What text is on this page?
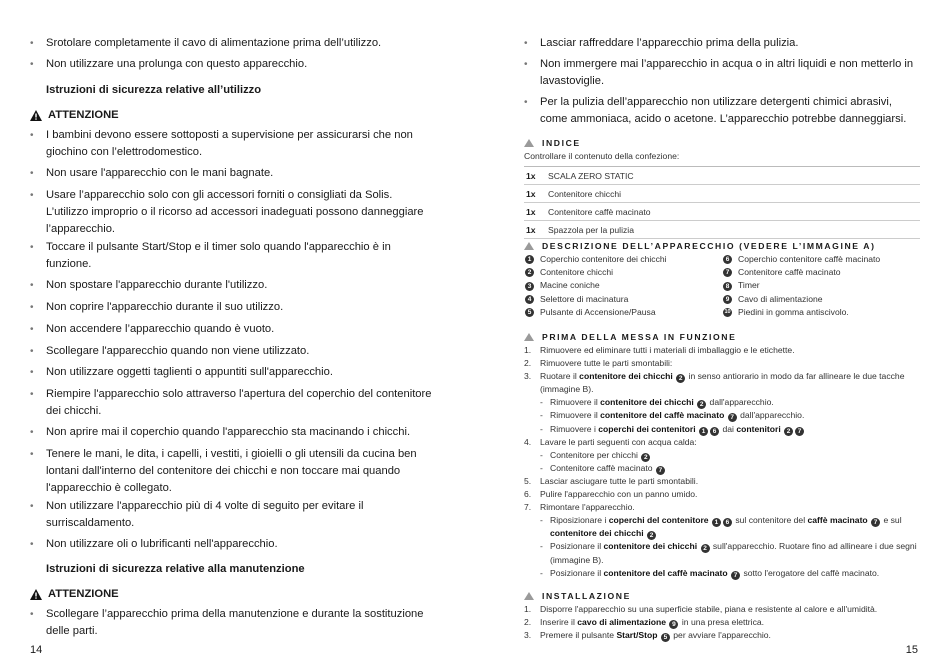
• Srotolare completamente il cavo di alimentazione prima dell’utilizzo.
• Non utilizzare una prolunga con questo apparecchio.
Istruzioni di sicurezza relative all’utilizzo
ATTENZIONE
• I bambini devono essere sottoposti a supervisione per assicurarsi che non giochino con l’elettrodomestico.
• Non usare l'apparecchio con le mani bagnate.
• Usare l’apparecchio solo con gli accessori forniti o consigliati da Solis. L’utilizzo improprio o il ricorso ad accessori inadeguati possono danneggiare l’apparecchio.
• Toccare il pulsante Start/Stop e il timer solo quando l'apparecchio è in funzione.
• Non spostare l'apparecchio durante l'utilizzo.
• Non coprire l'apparecchio durante il suo utilizzo.
• Non accendere l’apparecchio quando è vuoto.
• Scollegare l'apparecchio quando non viene utilizzato.
• Non utilizzare oggetti taglienti o appuntiti sull'apparecchio.
• Riempire l'apparecchio solo attraverso l'apertura del coperchio del contenitore dei chicchi.
• Non aprire mai il coperchio quando l'apparecchio sta macinando i chicchi.
• Tenere le mani, le dita, i capelli, i vestiti, i gioielli o gli utensili da cucina ben lontani dall'interno del contenitore dei chicchi e non toccare mai quando l'apparecchio è collegato.
• Non utilizzare l'apparecchio più di 4 volte di seguito per evitare il surriscaldamento.
• Non utilizzare oli o lubrificanti nell'apparecchio.
Istruzioni di sicurezza relative alla manutenzione
ATTENZIONE
• Scollegare l’apparecchio prima della manutenzione e durante la sostituzione delle parti.
14
• Lasciar raffreddare l’apparecchio prima della pulizia.
• Non immergere mai l’apparecchio in acqua o in altri liquidi e non metterlo in lavastoviglie.
• Per la pulizia dell’apparecchio non utilizzare detergenti chimici abrasivi, come ammoniaca, acido o acetone. L’apparecchio potrebbe danneggiarsi.
INDICE
Controllare il contenuto della confezione:
1x	SCALA ZERO STATIC
1x	Contenitore chicchi
1x	Contenitore caffè macinato
1x	Spazzola per la pulizia
DESCRIZIONE DELL’APPARECCHIO (VEDERE L’IMMAGINE A)
1	Coperchio contenitore dei chicchi
2	Contenitore chicchi
3	Macine coniche
4	Selettore di macinatura
5	Pulsante di Accensione/Pausa
6	Coperchio contenitore caffè macinato
7	Contenitore caffè macinato
8	Timer
9	Cavo di alimentazione
10 Piedini in gomma antiscivolo.
PRIMA DELLA MESSA IN FUNZIONE
1. Rimuovere ed eliminare tutti i materiali di imballaggio e le etichette.
2. Rimuovere tutte le parti smontabili:
3. Ruotare il contenitore dei chicchi 2 in senso antiorario in modo da far allineare le due tacche (immagine B).
- Rimuovere il contenitore dei chicchi 2 dall'apparecchio.
- Rimuovere il contenitore del caffè macinato 7 dall'apparecchio.
- Rimuovere i coperchi dei contenitori 1 6 dai contenitori 2 7
4. Lavare le parti seguenti con acqua calda:
- Contenitore per chicchi 2
- Contenitore caffè macinato 7
5. Lasciar asciugare tutte le parti smontabili.
6. Pulire l'apparecchio con un panno umido.
7. Rimontare l'apparecchio.
- Riposizionare i coperchi del contenitore 1 6 sul contenitore del caffè macinato 7 e sul contenitore dei chicchi 2
- Posizionare il contenitore dei chicchi 2 sull'apparecchio. Ruotare fino ad allineare i due segni (immagine B).
- Posizionare il contenitore del caffè macinato 7 sotto l'erogatore del caffè macinato.
INSTALLAZIONE
1. Disporre l'apparecchio su una superficie stabile, piana e resistente al calore e all'umidità.
2. Inserire il cavo di alimentazione 9 in una presa elettrica.
3. Premere il pulsante Start/Stop 5 per avviare l'apparecchio.
15
